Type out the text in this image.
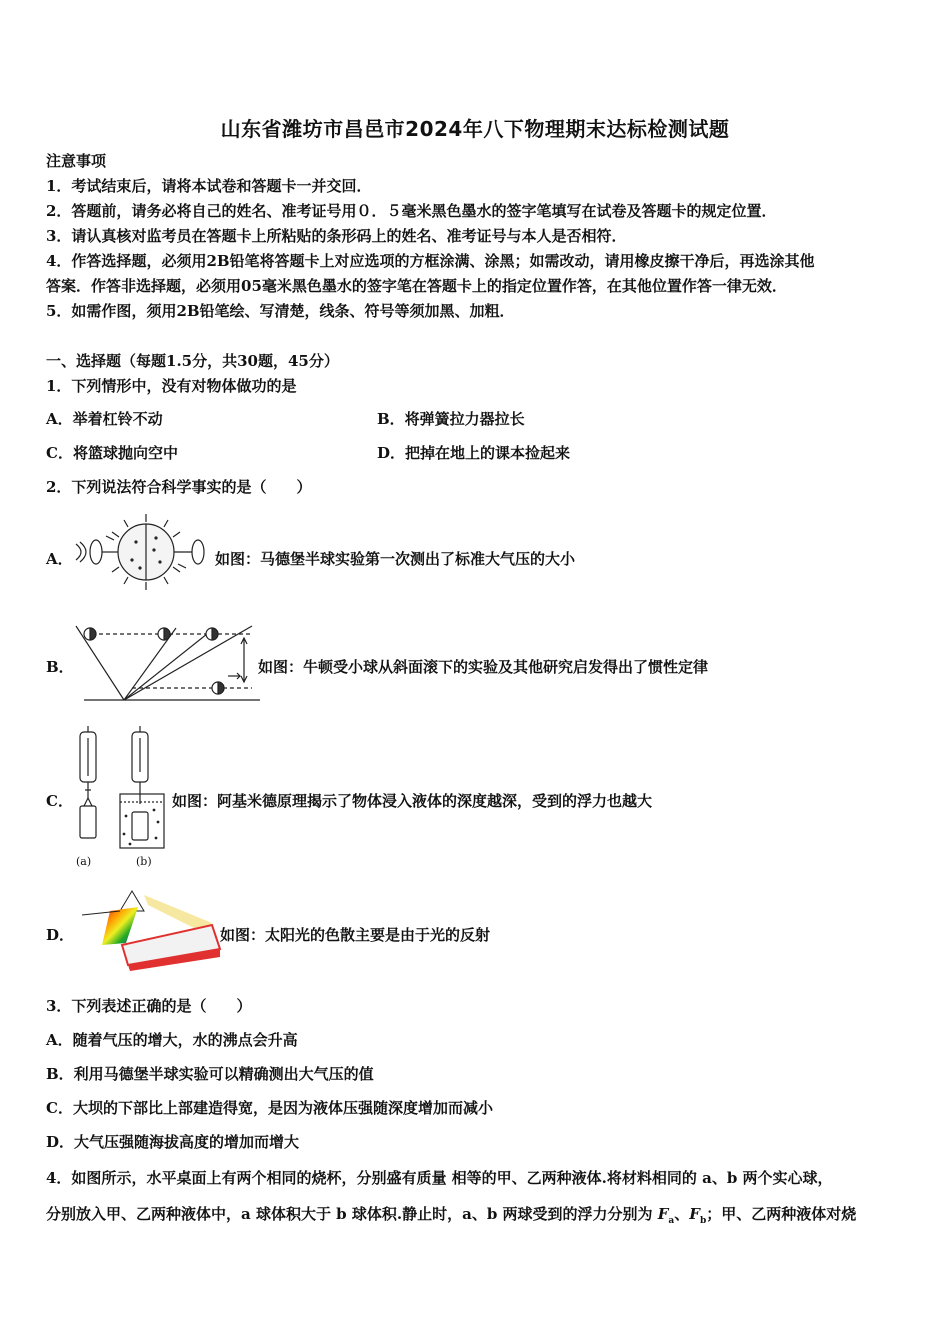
山东省潍坊市昌邑市2024年八下物理期末达标检测试题
注意事项
1．考试结束后，请将本试卷和答题卡一并交回．
2．答题前，请务必将自己的姓名、准考证号用０．５毫米黑色墨水的签字笔填写在试卷及答题卡的规定位置．
3．请认真核对监考员在答题卡上所粘贴的条形码上的姓名、准考证号与本人是否相符．
4．作答选择题，必须用2B铅笔将答题卡上对应选项的方框涂满、涂黑；如需改动，请用橡皮擦干净后，再选涂其他
答案．作答非选择题，必须用05毫米黑色墨水的签字笔在答题卡上的指定位置作答，在其他位置作答一律无效．
5．如需作图，须用2B铅笔绘、写清楚，线条、符号等须加黑、加粗．
一、选择题（每题1.5分，共30题，45分）
1．下列情形中，没有对物体做功的是
A．举着杠铃不动	B．将弹簧拉力器拉长
C．将篮球抛向空中	D．把掉在地上的课本捡起来
2．下列说法符合科学事实的是（　　）
A．	如图：马德堡半球实验第一次测出了标准大气压的大小
B．	如图：牛顿受小球从斜面滚下的实验及其他研究启发得出了惯性定律
C．
(a)	(b)
如图：阿基米德原理揭示了物体浸入液体的深度越深，受到的浮力也越大
D．	如图：太阳光的色散主要是由于光的反射
3．下列表述正确的是（　　）
A．随着气压的增大，水的沸点会升高
B．利用马德堡半球实验可以精确测出大气压的值
C．大坝的下部比上部建造得宽，是因为液体压强随深度增加而减小
D．大气压强随海拔高度的增加而增大
4．如图所示，水平桌面上有两个相同的烧杯，分别盛有质量 相等的甲、乙两种液体.将材料相同的 a、b 两个实心球，
分别放入甲、乙两种液体中，a 球体积大于 b 球体积.静止时，a、b 两球受到的浮力分别为 $F_a$、$F_b$；甲、乙两种液体对烧
